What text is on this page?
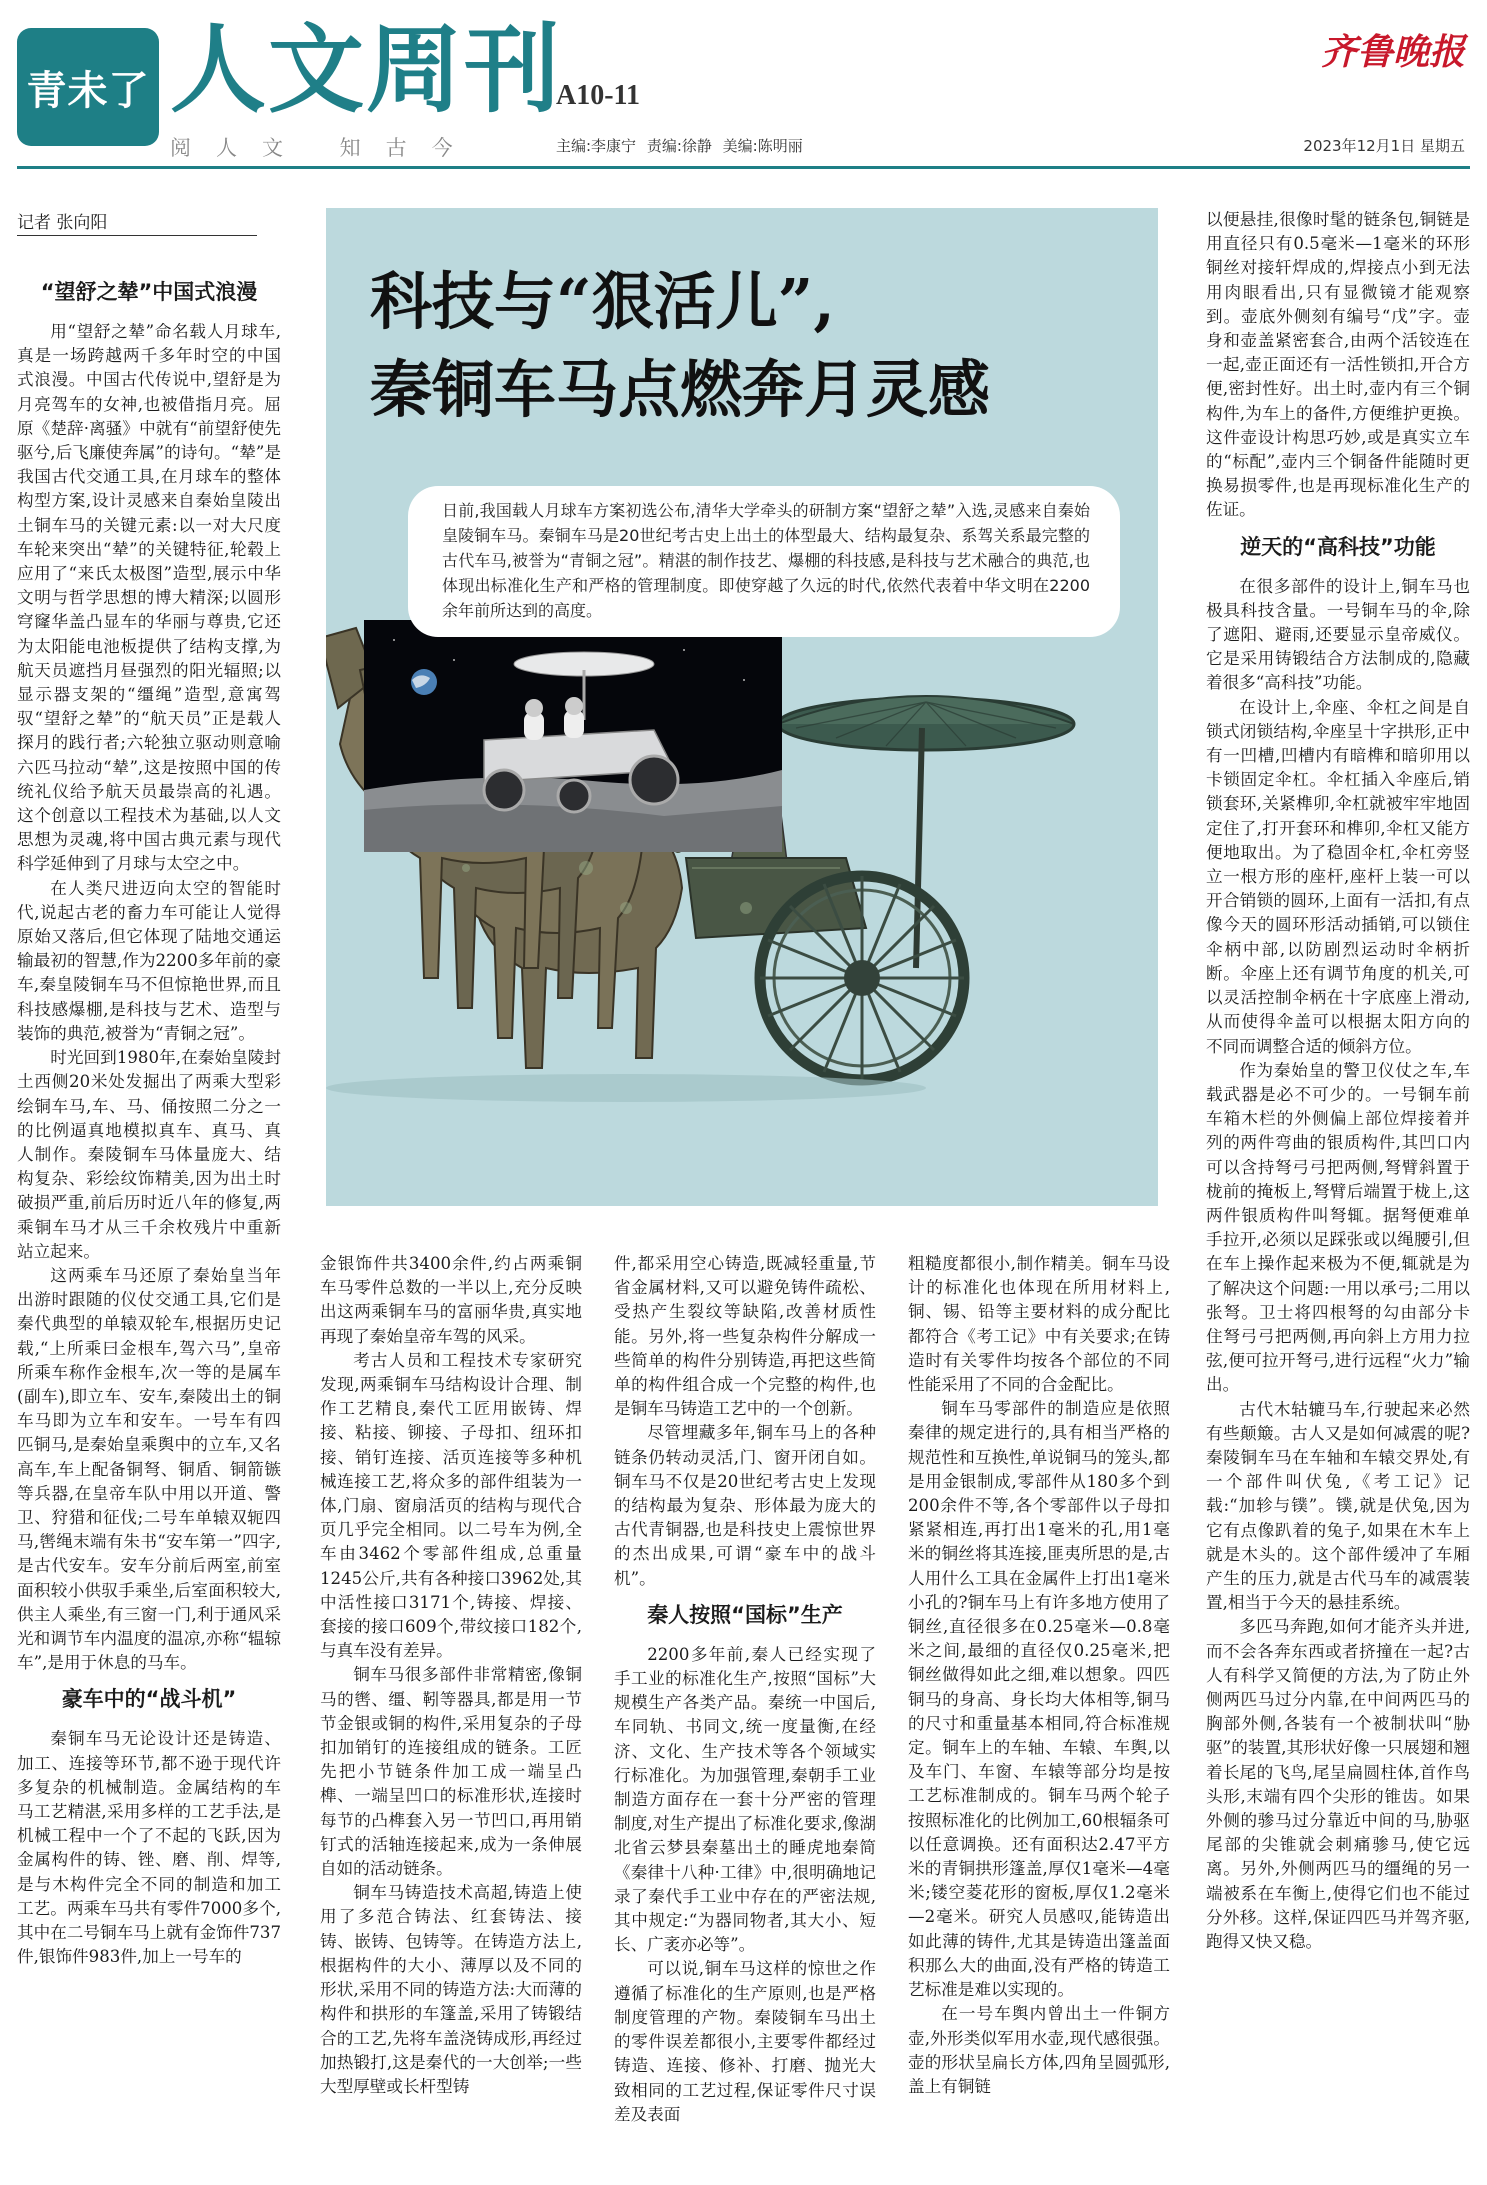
青未了 人文周刊
A10-11
阅人文 知古今	主编:李康宁 责编:徐静 美编:陈明丽
齐鲁晚报
2023年12月1日 星期五
记者 张向阳
科技与“狠活儿”,
秦铜车马点燃奔月灵感
日前,我国载人月球车方案初选公布,清华大学牵头的研制方案“望舒之辇”入选,灵感来自秦始皇陵铜车马。秦铜车马是20世纪考古史上出土的体型最大、结构最复杂、系驾关系最完整的古代车马,被誉为“青铜之冠”。精湛的制作技艺、爆棚的科技感,是科技与艺术融合的典范,也体现出标准化生产和严格的管理制度。即使穿越了久远的时代,依然代表着中华文明在2200余年前所达到的高度。
“望舒之辇”中国式浪漫

用“望舒之辇”命名载人月球车,真是一场跨越两千多年时空的中国式浪漫。中国古代传说中,望舒是为月亮驾车的女神,也被借指月亮。屈原《楚辞·离骚》中就有“前望舒使先驱兮,后飞廉使奔属”的诗句。“辇”是我国古代交通工具,在月球车的整体构型方案,设计灵感来自秦始皇陵出土铜车马的关键元素:以一对大尺度车轮来突出“辇”的关键特征,轮毂上应用了“来氏太极图”造型,展示中华文明与哲学思想的博大精深;以圆形穹窿华盖凸显车的华丽与尊贵,它还为太阳能电池板提供了结构支撑,为航天员遮挡月昼强烈的阳光辐照;以显示器支架的“缰绳”造型,意寓驾驭“望舒之辇”的“航天员”正是载人探月的践行者;六轮独立驱动则意喻六匹马拉动“辇”,这是按照中国的传统礼仪给予航天员最崇高的礼遇。这个创意以工程技术为基础,以人文思想为灵魂,将中国古典元素与现代科学延伸到了月球与太空之中。

在人类尺进迈向太空的智能时代,说起古老的畜力车可能让人觉得原始又落后,但它体现了陆地交通运输最初的智慧,作为2200多年前的豪车,秦皇陵铜车马不但惊艳世界,而且科技感爆棚,是科技与艺术、造型与装饰的典范,被誉为“青铜之冠”。

时光回到1980年,在秦始皇陵封土西侧20米处发掘出了两乘大型彩绘铜车马,车、马、俑按照二分之一的比例逼真地模拟真车、真马、真人制作。秦陵铜车马体量庞大、结构复杂、彩绘纹饰精美,因为出土时破损严重,前后历时近八年的修复,两乘铜车马才从三千余枚残片中重新站立起来。

这两乘车马还原了秦始皇当年出游时跟随的仪仗交通工具,它们是秦代典型的单辕双轮车,根据历史记载,“上所乘曰金根车,驾六马”,皇帝所乘车称作金根车,次一等的是属车(副车),即立车、安车,秦陵出土的铜车马即为立车和安车。一号车有四匹铜马,是秦始皇乘舆中的立车,又名高车,车上配备铜弩、铜盾、铜箭镞等兵器,在皇帝车队中用以开道、警卫、狩猎和征伐;二号车单辕双轭四马,辔绳末端有朱书“安车第一”四字,是古代安车。安车分前后两室,前室面积较小供驭手乘坐,后室面积较大,供主人乘坐,有三窗一门,利于通风采光和调节车内温度的温凉,亦称“辒辌车”,是用于休息的马车。

豪车中的“战斗机”

秦铜车马无论设计还是铸造、加工、连接等环节,都不逊于现代许多复杂的机械制造。金属结构的车马工艺精湛,采用多样的工艺手法,是机械工程中一个了不起的飞跃,因为金属构件的铸、锉、磨、削、焊等,是与木构件完全不同的制造和加工工艺。两乘车马共有零件7000多个,其中在二号铜车马上就有金饰件737件,银饰件983件,加上一号车的

金银饰件共3400余件,约占两乘铜车马零件总数的一半以上,充分反映出这两乘铜车马的富丽华贵,真实地再现了秦始皇帝车驾的风采。

考古人员和工程技术专家研究发现,两乘铜车马结构设计合理、制作工艺精良,秦代工匠用嵌铸、焊接、粘接、铆接、子母扣、纽环扣接、销钉连接、活页连接等多种机械连接工艺,将众多的部件组装为一体,门扇、窗扇活页的结构与现代合页几乎完全相同。以二号车为例,全车由3462个零部件组成,总重量1245公斤,共有各种接口3962处,其中活性接口3171个,铸接、焊接、套接的接口609个,带纹接口182个,与真车没有差异。

铜车马很多部件非常精密,像铜马的辔、缰、靷等器具,都是用一节节金银或铜的构件,采用复杂的子母扣加销钉的连接组成的链条。工匠先把小节链条件加工成一端呈凸榫、一端呈凹口的标准形状,连接时每节的凸榫套入另一节凹口,再用销钉式的活轴连接起来,成为一条伸展自如的活动链条。

铜车马铸造技术高超,铸造上使用了多范合铸法、红套铸法、接铸、嵌铸、包铸等。在铸造方法上,根据构件的大小、薄厚以及不同的形状,采用不同的铸造方法:大而薄的构件和拱形的车篷盖,采用了铸锻结合的工艺,先将车盖浇铸成形,再经过加热锻打,这是秦代的一大创举;一些大型厚壁或长杆型铸

件,都采用空心铸造,既减轻重量,节省金属材料,又可以避免铸件疏松、受热产生裂纹等缺陷,改善材质性能。另外,将一些复杂构件分解成一些简单的构件分别铸造,再把这些简单的构件组合成一个完整的构件,也是铜车马铸造工艺中的一个创新。

尽管埋藏多年,铜车马上的各种链条仍转动灵活,门、窗开闭自如。铜车马不仅是20世纪考古史上发现的结构最为复杂、形体最为庞大的古代青铜器,也是科技史上震惊世界的杰出成果,可谓“豪车中的战斗机”。

秦人按照“国标”生产

2200多年前,秦人已经实现了手工业的标准化生产,按照“国标”大规模生产各类产品。秦统一中国后,车同轨、书同文,统一度量衡,在经济、文化、生产技术等各个领域实行标准化。为加强管理,秦朝手工业制造方面存在一套十分严密的管理制度,对生产提出了标准化要求,像湖北省云梦县秦墓出土的睡虎地秦简《秦律十八种·工律》中,很明确地记录了秦代手工业中存在的严密法规,其中规定:“为器同物者,其大小、短长、广袤亦必等”。

可以说,铜车马这样的惊世之作遵循了标准化的生产原则,也是严格制度管理的产物。秦陵铜车马出土的零件误差都很小,主要零件都经过铸造、连接、修补、打磨、抛光大致相同的工艺过程,保证零件尺寸误差及表面

粗糙度都很小,制作精美。铜车马设计的标准化也体现在所用材料上,铜、锡、铅等主要材料的成分配比都符合《考工记》中有关要求;在铸造时有关零件均按各个部位的不同性能采用了不同的合金配比。

铜车马零部件的制造应是依照秦律的规定进行的,具有相当严格的规范性和互换性,单说铜马的笼头,都是用金银制成,零部件从180多个到200余件不等,各个零部件以子母扣紧紧相连,再打出1毫米的孔,用1毫米的铜丝将其连接,匪夷所思的是,古人用什么工具在金属件上打出1毫米小孔的?铜车马上有许多地方使用了铜丝,直径很多在0.25毫米—0.8毫米之间,最细的直径仅0.25毫米,把铜丝做得如此之细,难以想象。四匹铜马的身高、身长均大体相等,铜马的尺寸和重量基本相同,符合标准规定。铜车上的车轴、车辕、车舆,以及车门、车窗、车辕等部分均是按工艺标准制成的。铜车马两个轮子按照标准化的比例加工,60根辐条可以任意调换。还有面积达2.47平方米的青铜拱形篷盖,厚仅1毫米—4毫米;镂空菱花形的窗板,厚仅1.2毫米—2毫米。研究人员感叹,能铸造出如此薄的铸件,尤其是铸造出篷盖面积那么大的曲面,没有严格的铸造工艺标准是难以实现的。

在一号车舆内曾出土一件铜方壶,外形类似军用水壶,现代感很强。壶的形状呈扁长方体,四角呈圆弧形,盖上有铜链

以便悬挂,很像时髦的链条包,铜链是用直径只有0.5毫米—1毫米的环形铜丝对接轩焊成的,焊接点小到无法用肉眼看出,只有显微镜才能观察到。壶底外侧刻有编号“戊”字。壶身和壶盖紧密套合,由两个活铰连在一起,壶正面还有一活性锁扣,开合方便,密封性好。出土时,壶内有三个铜构件,为车上的备件,方便维护更换。这件壶设计构思巧妙,或是真实立车的“标配”,壶内三个铜备件能随时更换易损零件,也是再现标准化生产的佐证。

逆天的“高科技”功能

在很多部件的设计上,铜车马也极具科技含量。一号铜车马的伞,除了遮阳、避雨,还要显示皇帝威仪。它是采用铸锻结合方法制成的,隐藏着很多“高科技”功能。

在设计上,伞座、伞杠之间是自锁式闭锁结构,伞座呈十字拱形,正中有一凹槽,凹槽内有暗榫和暗卯用以卡锁固定伞杠。伞杠插入伞座后,销锁套环,关紧榫卯,伞杠就被牢牢地固定住了,打开套环和榫卯,伞杠又能方便地取出。为了稳固伞杠,伞杠旁竖立一根方形的座杆,座杆上装一可以开合销锁的圆环,上面有一活扣,有点像今天的圆环形活动插销,可以锁住伞柄中部,以防剧烈运动时伞柄折断。伞座上还有调节角度的机关,可以灵活控制伞柄在十字底座上滑动,从而使得伞盖可以根据太阳方向的不同而调整合适的倾斜方位。

作为秦始皇的警卫仪仗之车,车载武器是必不可少的。一号铜车前车箱木栏的外侧偏上部位焊接着并列的两件弯曲的银质构件,其凹口内可以含持弩弓弓把两侧,弩臂斜置于栊前的掩板上,弩臂后端置于栊上,这两件银质构件叫弩辄。据弩便难单手拉开,必须以足踩张或以绳腰引,但在车上操作起来极为不便,辄就是为了解决这个问题:一用以承弓;二用以张弩。卫士将四根弩的勾由部分卡住弩弓弓把两侧,再向斜上方用力拉弦,便可拉开弩弓,进行远程“火力”输出。

古代木轱辘马车,行驶起来必然有些颠簸。古人又是如何减震的呢?秦陵铜车马在车轴和车辕交界处,有一个部件叫伏兔,《考工记》记载:“加轸与镤”。镤,就是伏兔,因为它有点像趴着的兔子,如果在木车上就是木头的。这个部件缓冲了车厢产生的压力,就是古代马车的减震装置,相当于今天的悬挂系统。

多匹马奔跑,如何才能齐头并进,而不会各奔东西或者挤撞在一起?古人有科学又简便的方法,为了防止外侧两匹马过分内靠,在中间两匹马的胸部外侧,各装有一个被制状叫“胁驱”的装置,其形状好像一只展翅和翘着长尾的飞鸟,尾呈扁圆柱体,首作鸟头形,末端有四个尖形的锥齿。如果外侧的骖马过分靠近中间的马,胁驱尾部的尖锥就会刺痛骖马,使它远离。另外,外侧两匹马的缰绳的另一端被系在车衡上,使得它们也不能过分外移。这样,保证四匹马并驾齐驱,跑得又快又稳。
